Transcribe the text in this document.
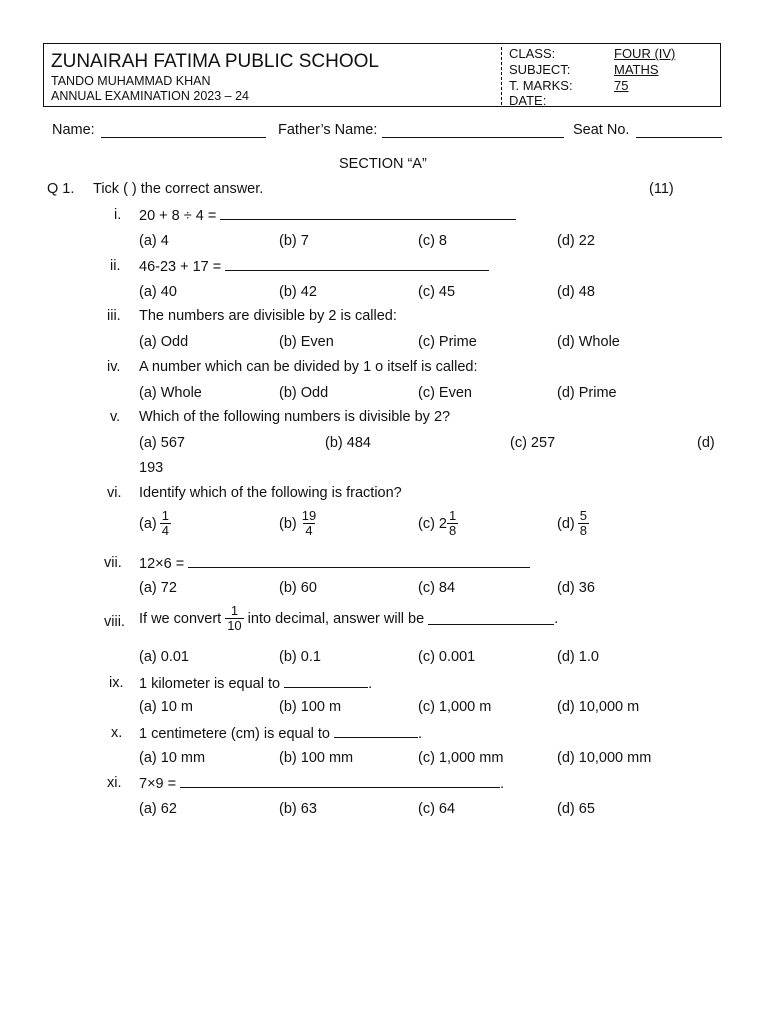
ZUNAIRAH FATIMA PUBLIC SCHOOL
TANDO MUHAMMAD KHAN
ANNUAL EXAMINATION 2023 – 24
CLASS:	FOUR (IV)
SUBJECT:	MATHS
T. MARKS:	75
DATE:
Name:	Father’s Name:	Seat No.
SECTION “A”
Q 1. Tick ( ) the correct answer.	(11)
i. 20 + 8 ÷ 4 =
(a) 4	(b) 7	(c) 8	(d) 22
ii. 46-23 + 17 =
(a) 40	(b) 42	(c) 45	(d) 48
iii. The numbers are divisible by 2 is called:
(a) Odd	(b) Even	(c) Prime	(d) Whole
iv. A number which can be divided by 1 o itself is called:
(a) Whole	(b) Odd	(c) Even	(d) Prime
v. Which of the following numbers is divisible by 2?
(a) 567	(b) 484	(c) 257	(d)
193
vi. Identify which of the following is fraction?
$(a) \frac{1}{4}$	$(b) \frac{19}{4}$	(c) $2 \frac{1}{8}$	$(d) \frac{5}{8}$
vii. 12×6 =
(a) 72	(b) 60	(c) 84	(d) 36
viii. If we convert $\frac{1}{10}$ into decimal, answer will be
	.
(a) 0.01	(b) 0.1	(c) 0.001	(d) 1.0
ix. 1 kilometer is equal to	.
(a) 10 m	(b) 100 m	(c) 1,000 m	(d) 10,000 m
x. 1 centimetere (cm) is equal to	.
(a) 10 mm	(b) 100 mm	(c) 1,000 mm	(d) 10,000 mm
xi. 7×9 =	.
(a) 62	(b) 63	(c) 64	(d) 65
